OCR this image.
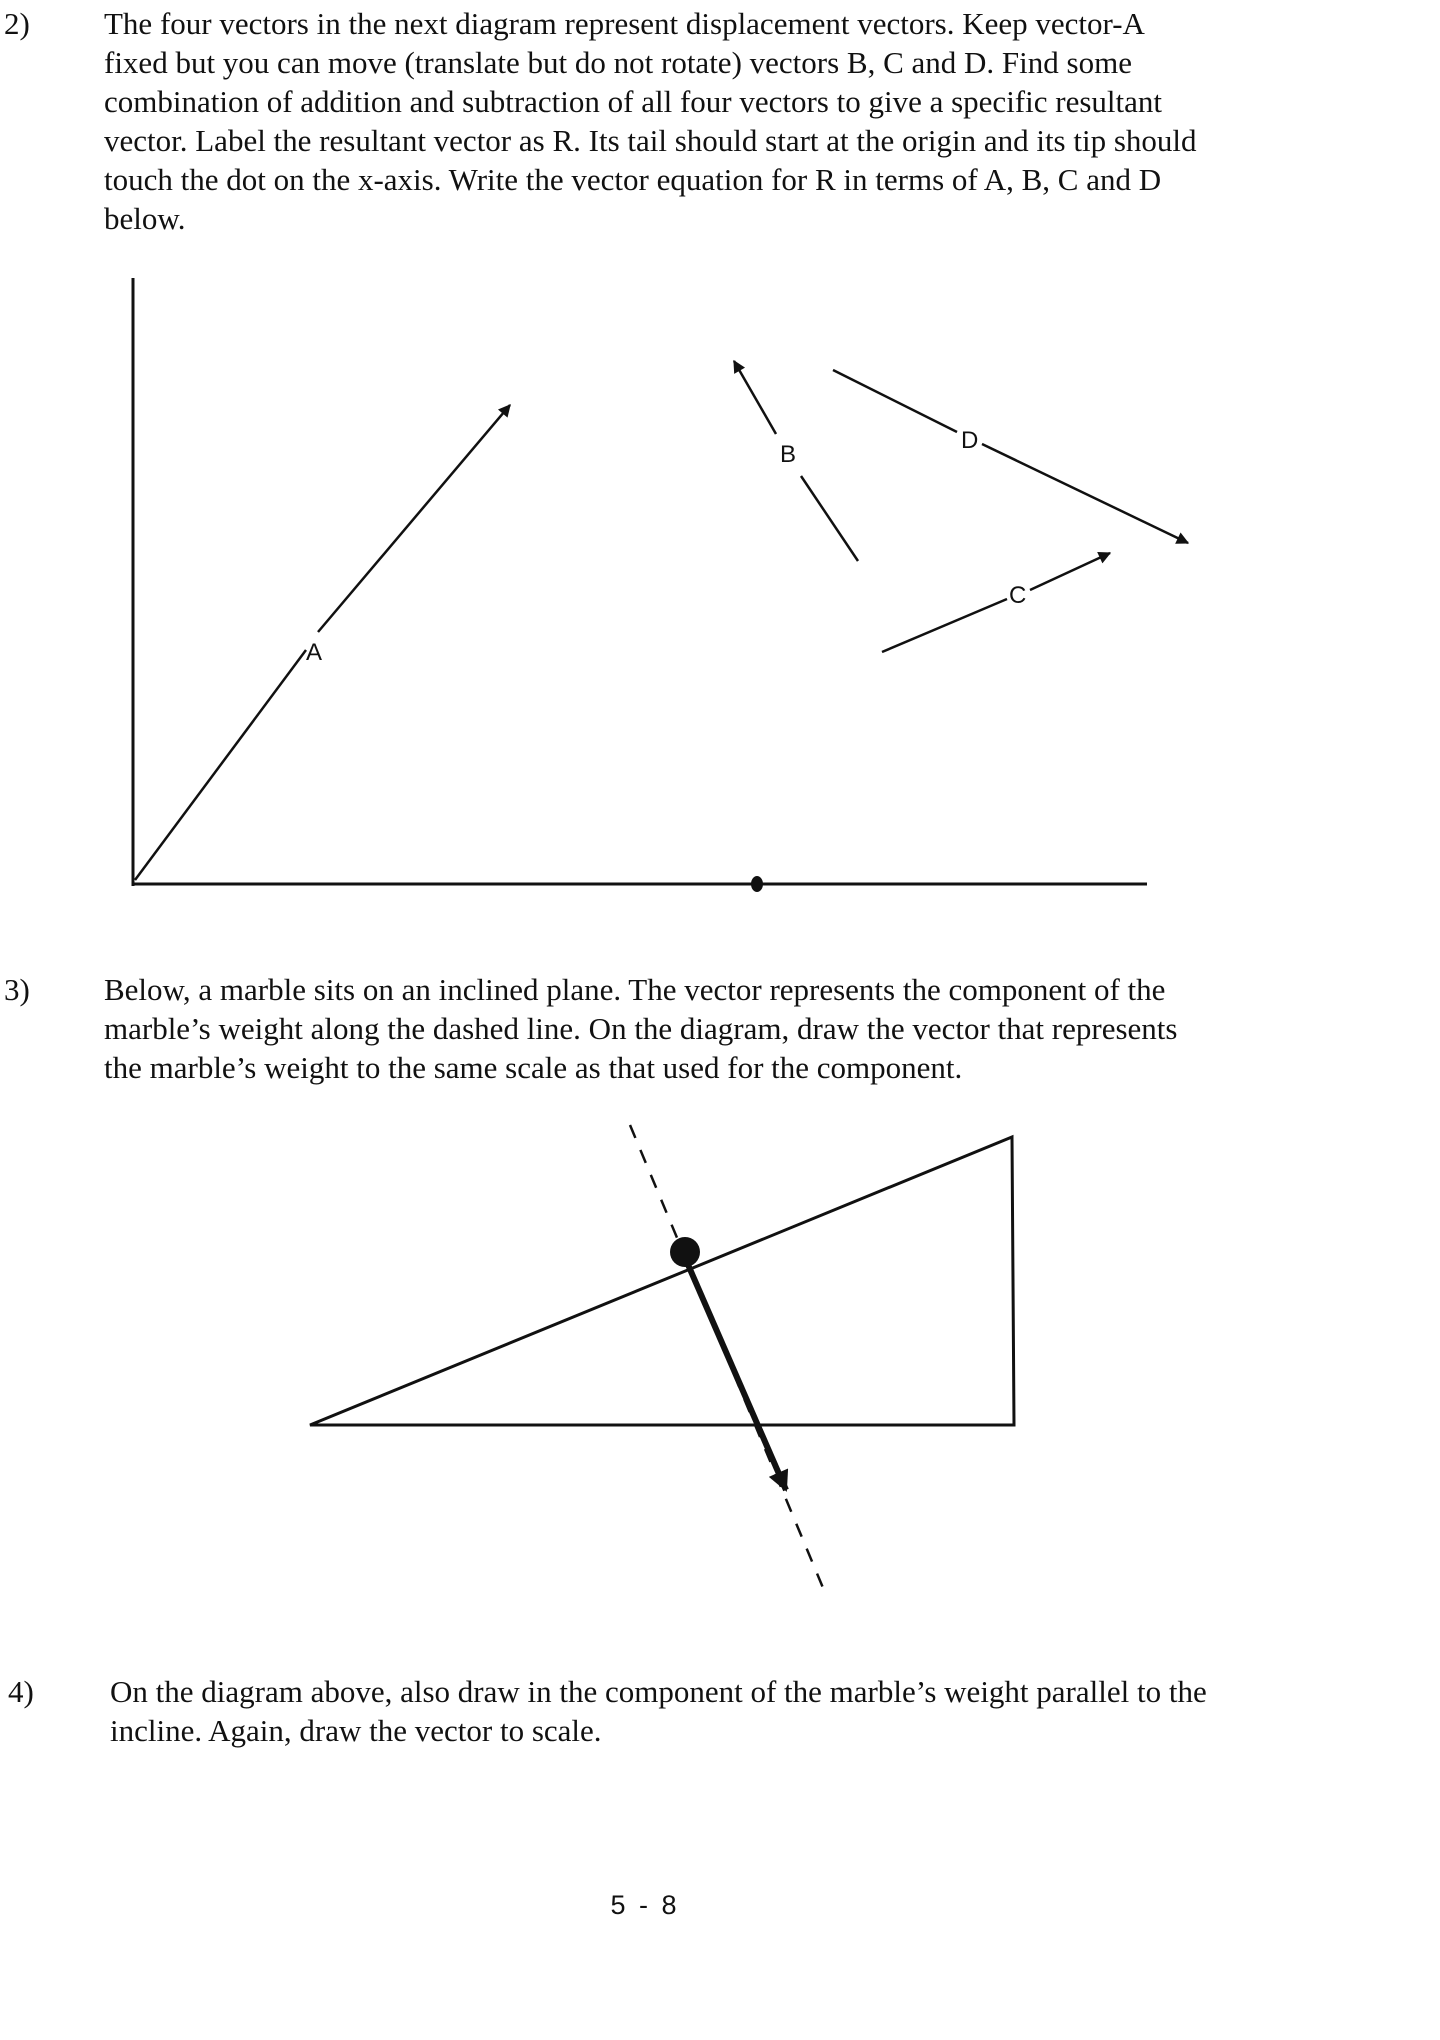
2) The four vectors in the next diagram represent displacement vectors. Keep vector-A
fixed but you can move (translate but do not rotate) vectors B, C and D. Find some
combination of addition and subtraction of all four vectors to give a specific resultant
vector. Label the resultant vector as R. Its tail should start at the origin and its tip should
touch the dot on the x-axis. Write the vector equation for R in terms of A, B, C and D
below.
A
B
C
D
3) Below, a marble sits on an inclined plane. The vector represents the component of the
marble’s weight along the dashed line. On the diagram, draw the vector that represents
the marble’s weight to the same scale as that used for the component.
4) On the diagram above, also draw in the component of the marble’s weight parallel to the
incline. Again, draw the vector to scale.
5 - 8
